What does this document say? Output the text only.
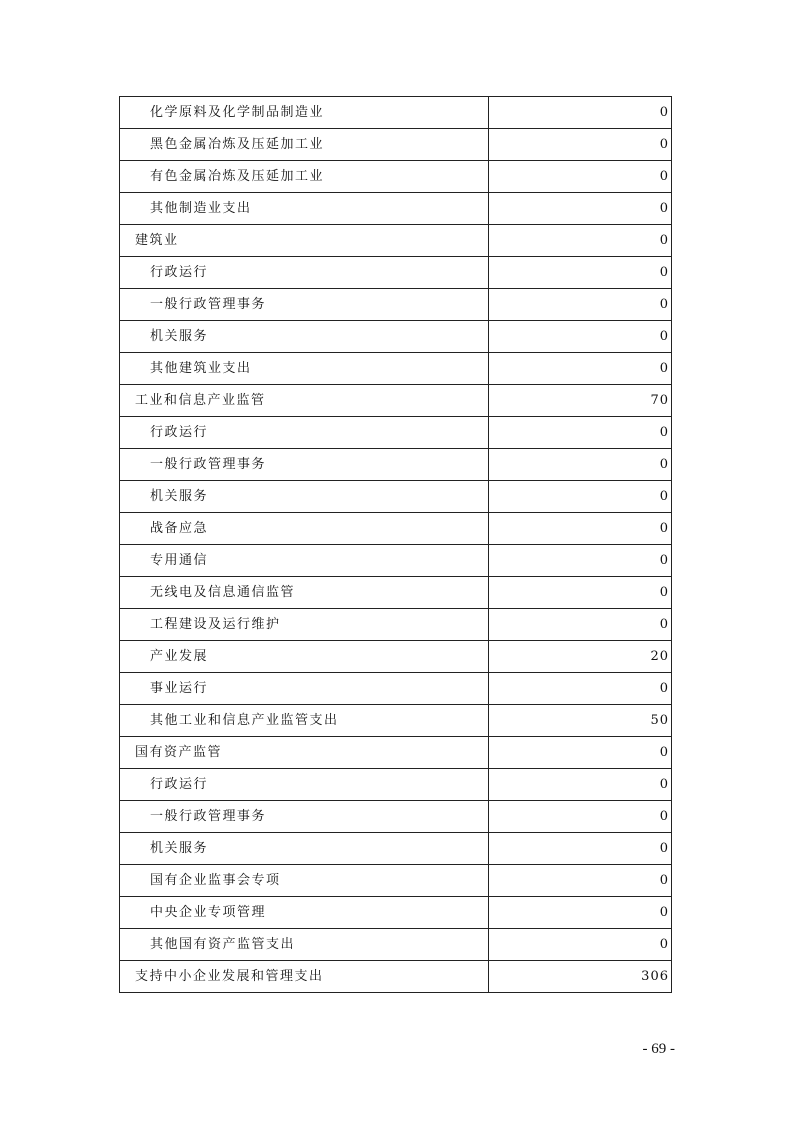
化学原料及化学制品制造业	0
黑色金属冶炼及压延加工业	0
有色金属冶炼及压延加工业	0
其他制造业支出	0
建筑业	0
行政运行	0
一般行政管理事务	0
机关服务	0
其他建筑业支出	0
工业和信息产业监管	70
行政运行	0
一般行政管理事务	0
机关服务	0
战备应急	0
专用通信	0
无线电及信息通信监管	0
工程建设及运行维护	0
产业发展	20
事业运行	0
其他工业和信息产业监管支出	50
国有资产监管	0
行政运行	0
一般行政管理事务	0
机关服务	0
国有企业监事会专项	0
中央企业专项管理	0
其他国有资产监管支出	0
支持中小企业发展和管理支出	306
- 69 -
